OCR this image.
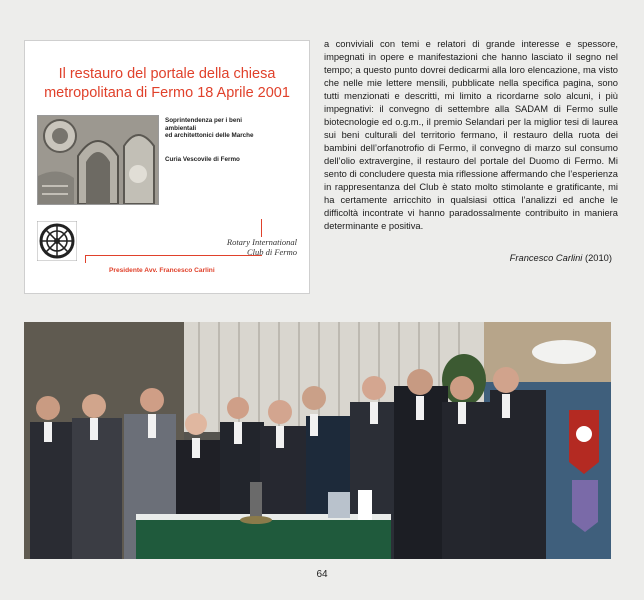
Il restauro del portale della chiesa
metropolitana di Fermo 18 Aprile 2001
Soprintendenza per i beni
ambientali
ed architettonici delle Marche
Curia Vescovile di Fermo
Rotary International
Club di Fermo
Presidente Avv. Francesco Carlini

a conviviali con temi e relatori di grande interesse e spessore, impegnati in opere e manifestazioni che hanno lasciato il segno nel tempo; a questo punto dovrei dedicarmi alla loro elencazione, ma visto che nelle mie lettere mensili, pubblicate nella specifica pagina, sono tutti menzionati e descritti, mi limito a ricordarne solo alcuni, i più impegnativi: il convegno di settembre alla SADAM di Fermo sulle biotecnologie ed o.g.m., il premio Selandari per la miglior tesi di laurea sui beni culturali del territorio fermano, il restauro della ruota dei bambini dell’orfanotrofio di Fermo, il convegno di marzo sul consumo dell’olio extravergine, il restauro del portale del Duomo di Fermo. Mi sento di concludere questa mia riflessione affermando che l’esperienza in rappresentanza del Club è stato molto stimolante e gratificante, mi ha certamente arricchito in qualsiasi ottica l’analizzi ed anche le difficoltà incontrate vi hanno paradossalmente contribuito in maniera determinante e positiva.

Francesco Carlini (2010)
64
